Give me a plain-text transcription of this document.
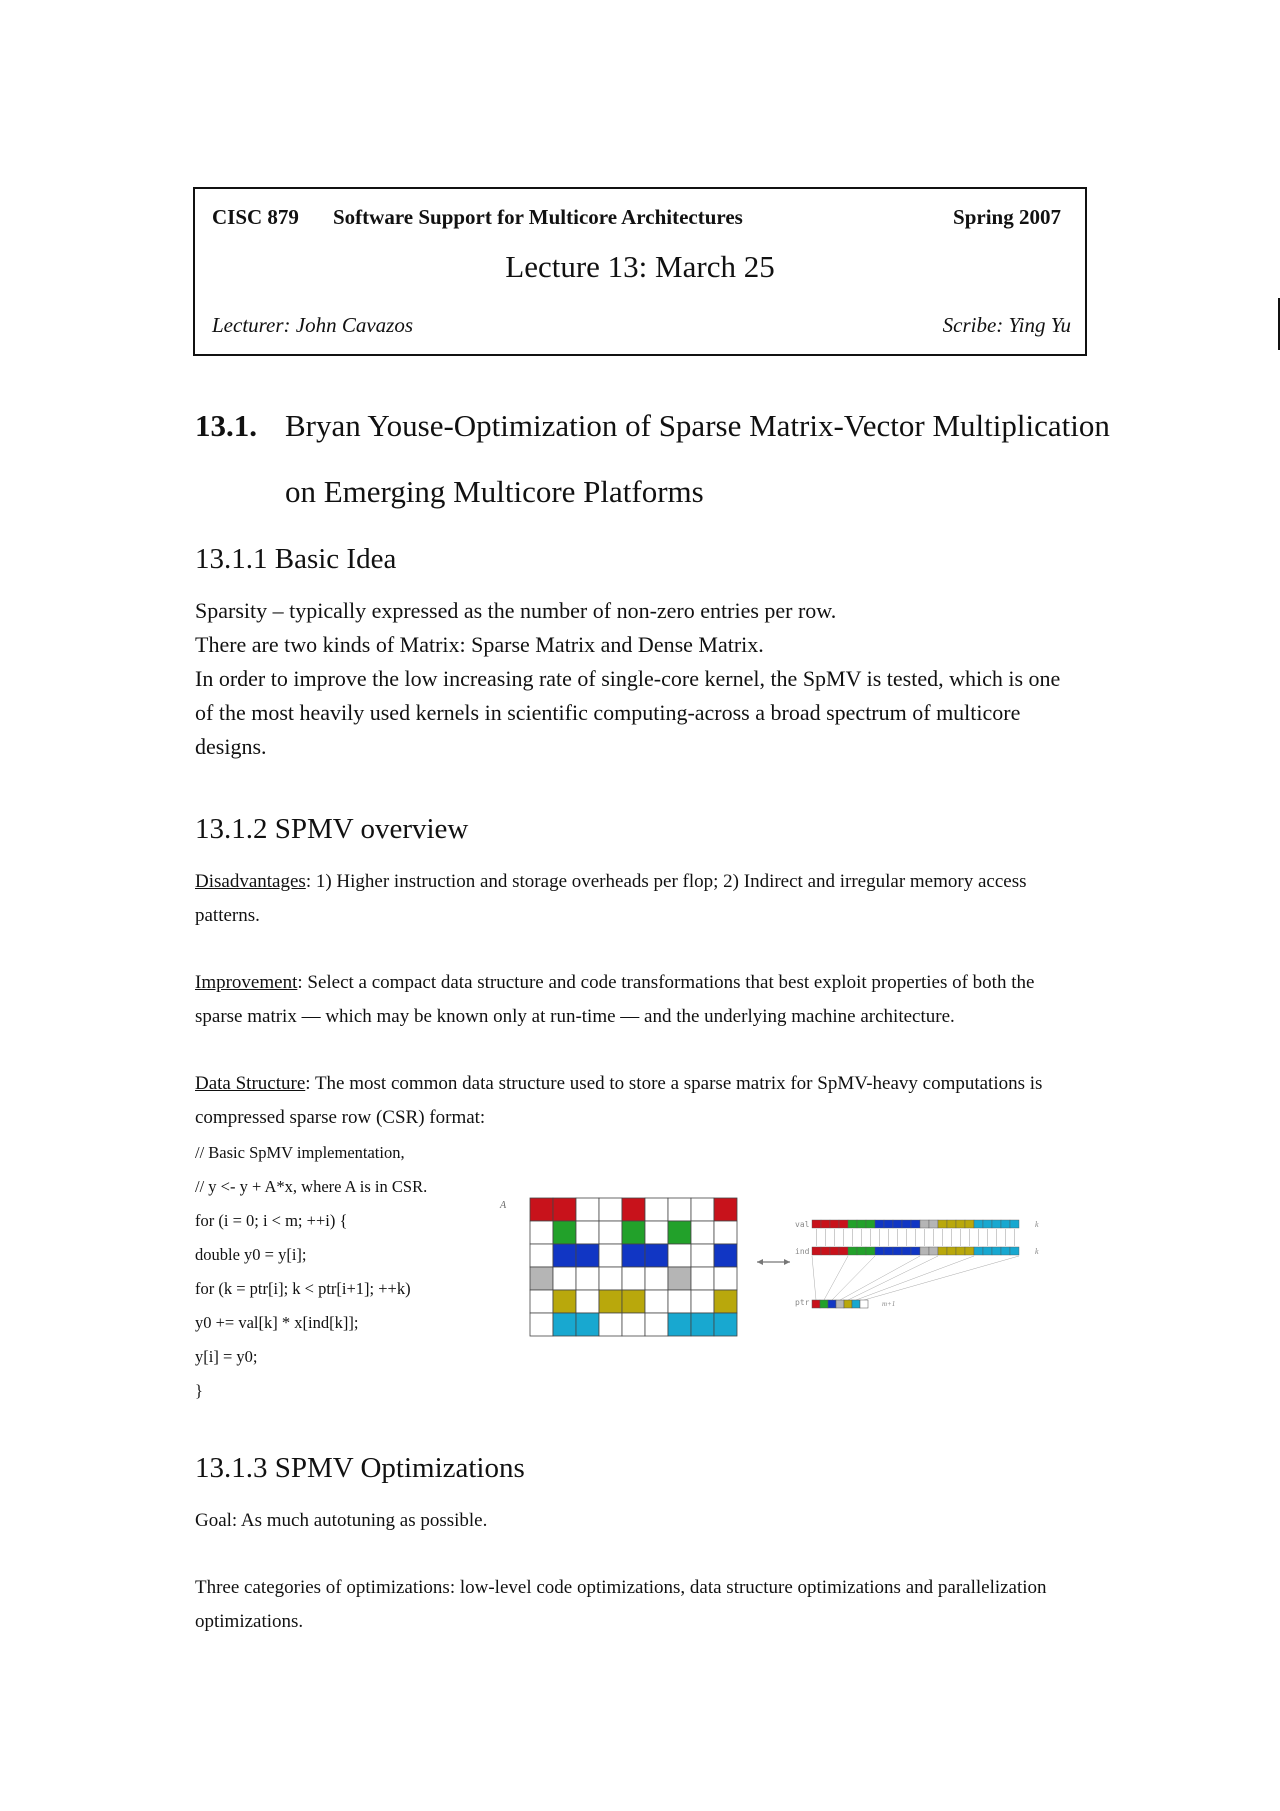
CISC 879 Software Support for Multicore Architectures	Spring 2007
Lecture 13: March 25
Lecturer: John Cavazos	Scribe: Ying Yu
13.1. Bryan Youse-Optimization of Sparse Matrix-Vector Multiplication
on Emerging Multicore Platforms
13.1.1 Basic Idea
Sparsity – typically expressed as the number of non-zero entries per row.
There are two kinds of Matrix: Sparse Matrix and Dense Matrix.
In order to improve the low increasing rate of single-core kernel, the SpMV is tested, which is one
of the most heavily used kernels in scientific computing-across a broad spectrum of multicore
designs.
13.1.2 SPMV overview
Disadvantages: 1) Higher instruction and storage overheads per flop; 2) Indirect and irregular memory access
patterns.
Improvement: Select a compact data structure and code transformations that best exploit properties of both the
sparse matrix — which may be known only at run-time — and the underlying machine architecture.
Data Structure: The most common data structure used to store a sparse matrix for SpMV-heavy computations is
compressed sparse row (CSR) format:
// Basic SpMV implementation,
// y <- y + A*x, where A is in CSR.
for (i = 0; i < m; ++i) {
double y0 = y[i];
for (k = ptr[i]; k < ptr[i+1]; ++k)
y0 += val[k] * x[ind[k]];
y[i] = y0;
}
A
val
ind
ptr
k
k
m+1
13.1.3 SPMV Optimizations
Goal: As much autotuning as possible.
Three categories of optimizations: low-level code optimizations, data structure optimizations and parallelization
optimizations.
